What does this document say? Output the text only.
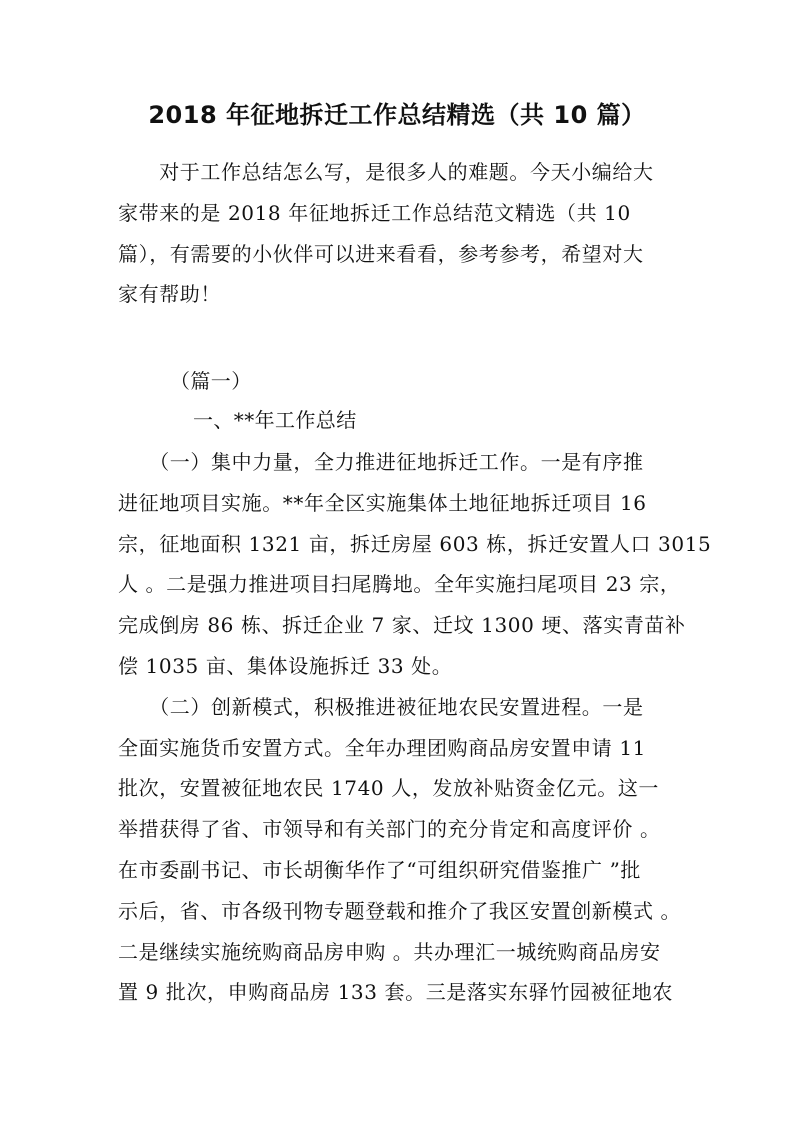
2018 年征地拆迁工作总结精选（共 10 篇）
　　对于工作总结怎么写，是很多人的难题。今天小编给大
家带来的是 2018 年征地拆迁工作总结范文精选（共 10
篇），有需要的小伙伴可以进来看看，参考参考，希望对大
家有帮助！
（篇一）
一、**年工作总结
　　（一）集中力量，全力推进征地拆迁工作。一是有序推
进征地项目实施。**年全区实施集体土地征地拆迁项目 16
宗，征地面积 1321 亩，拆迁房屋 603 栋，拆迁安置人口 3015
人 。二是强力推进项目扫尾腾地。全年实施扫尾项目 23 宗，
完成倒房 86 栋、拆迁企业 7 家、迁坟 1300 埂、落实青苗补
偿 1035 亩、集体设施拆迁 33 处。
　　（二）创新模式，积极推进被征地农民安置进程。一是
全面实施货币安置方式。全年办理团购商品房安置申请 11
批次，安置被征地农民 1740 人，发放补贴资金亿元。这一
举措获得了省、市领导和有关部门的充分肯定和高度评价 。
在市委副书记、市长胡衡华作了“可组织研究借鉴推广 ”批
示后，省、市各级刊物专题登载和推介了我区安置创新模式 。
二是继续实施统购商品房申购 。共办理汇一城统购商品房安
置 9 批次，申购商品房 133 套。三是落实东驿竹园被征地农
